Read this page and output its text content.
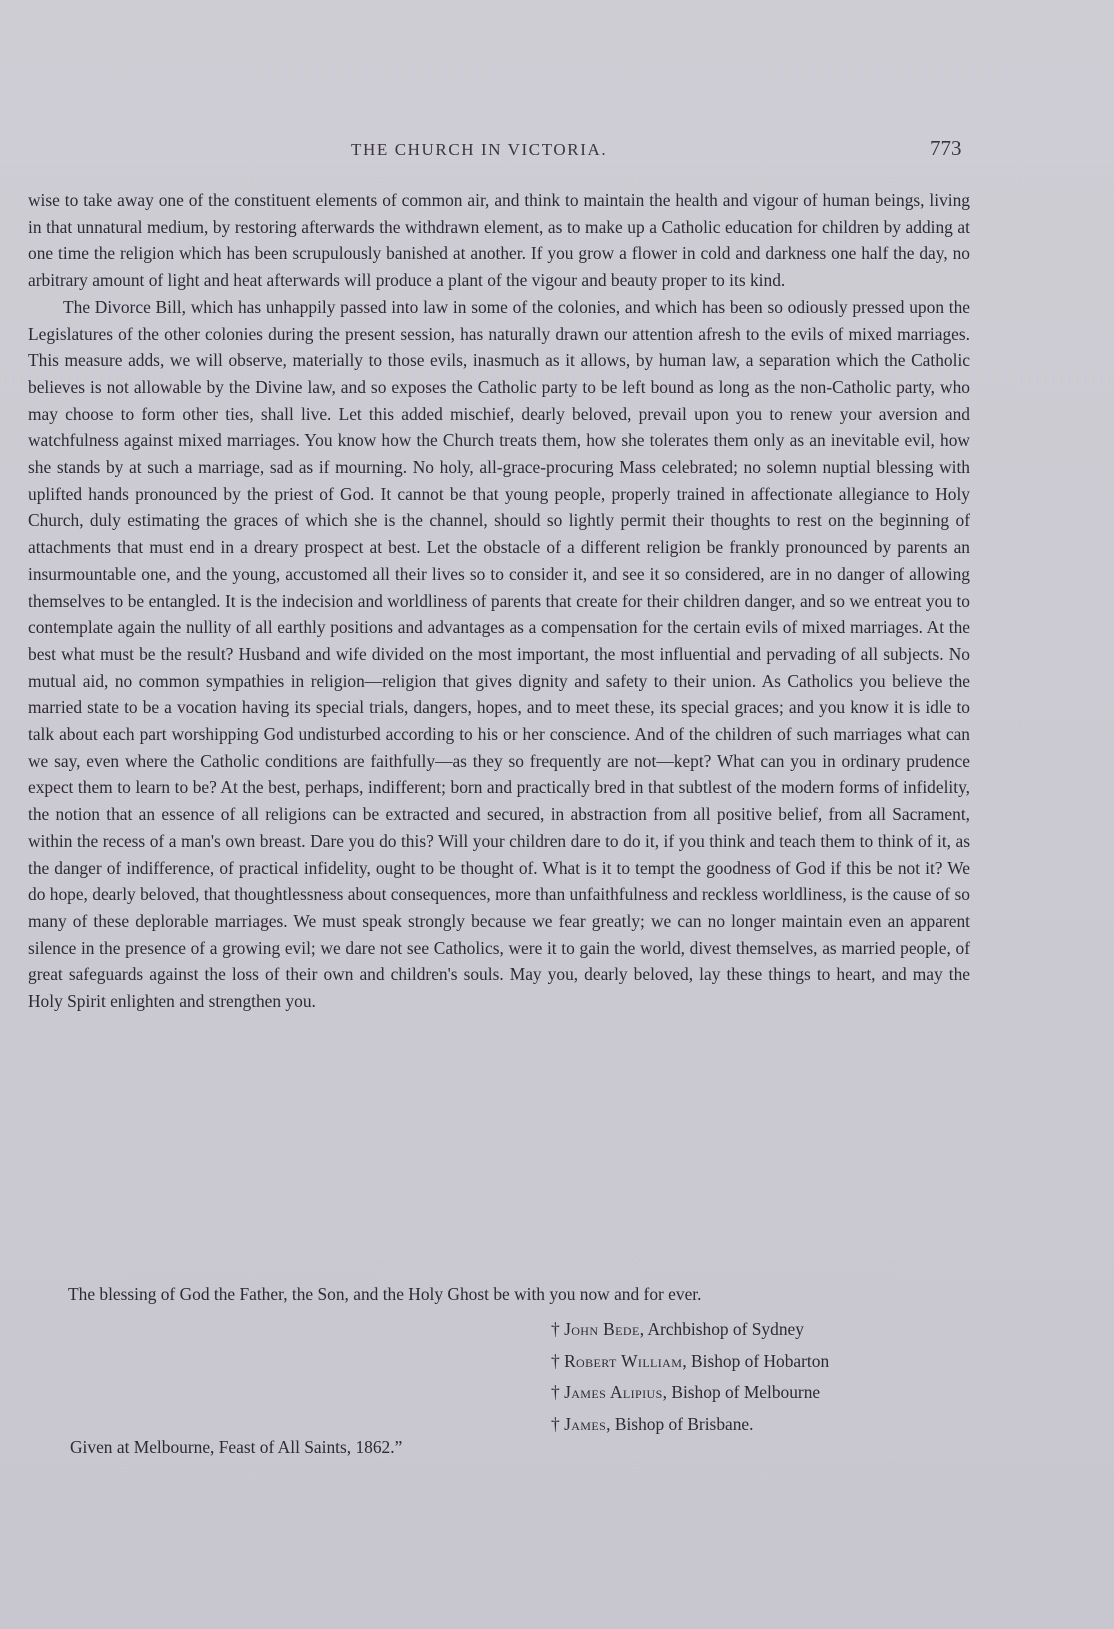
THE CHURCH IN VICTORIA.	773

wise to take away one of the constituent elements of common air, and think to maintain the health and vigour of human beings, living in that unnatural medium, by restoring afterwards the withdrawn element, as to make up a Catholic education for children by adding at one time the religion which has been scrupulously banished at another. If you grow a flower in cold and darkness one half the day, no arbitrary amount of light and heat afterwards will produce a plant of the vigour and beauty proper to its kind.

The Divorce Bill, which has unhappily passed into law in some of the colonies, and which has been so odiously pressed upon the Legislatures of the other colonies during the present session, has naturally drawn our attention afresh to the evils of mixed marriages. This measure adds, we will observe, materially to those evils, inasmuch as it allows, by human law, a separation which the Catholic believes is not allowable by the Divine law, and so exposes the Catholic party to be left bound as long as the non-Catholic party, who may choose to form other ties, shall live. Let this added mischief, dearly beloved, prevail upon you to renew your aversion and watchfulness against mixed marriages. You know how the Church treats them, how she tolerates them only as an inevitable evil, how she stands by at such a marriage, sad as if mourning. No holy, all-grace-procuring Mass celebrated; no solemn nuptial blessing with uplifted hands pronounced by the priest of God. It cannot be that young people, properly trained in affectionate allegiance to Holy Church, duly estimating the graces of which she is the channel, should so lightly permit their thoughts to rest on the beginning of attachments that must end in a dreary prospect at best. Let the obstacle of a different religion be frankly pronounced by parents an insurmountable one, and the young, accustomed all their lives so to consider it, and see it so considered, are in no danger of allowing themselves to be entangled. It is the indecision and worldliness of parents that create for their children danger, and so we entreat you to contemplate again the nullity of all earthly positions and advantages as a compensation for the certain evils of mixed marriages. At the best what must be the result? Husband and wife divided on the most important, the most influential and pervading of all subjects. No mutual aid, no common sympathies in religion—religion that gives dignity and safety to their union. As Catholics you believe the married state to be a vocation having its special trials, dangers, hopes, and to meet these, its special graces; and you know it is idle to talk about each part worshipping God undisturbed according to his or her conscience. And of the children of such marriages what can we say, even where the Catholic conditions are faithfully—as they so frequently are not—kept? What can you in ordinary prudence expect them to learn to be? At the best, perhaps, indifferent; born and practically bred in that subtlest of the modern forms of infidelity, the notion that an essence of all religions can be extracted and secured, in abstraction from all positive belief, from all Sacrament, within the recess of a man's own breast. Dare you do this? Will your children dare to do it, if you think and teach them to think of it, as the danger of indifference, of practical infidelity, ought to be thought of. What is it to tempt the goodness of God if this be not it? We do hope, dearly beloved, that thoughtlessness about consequences, more than unfaithfulness and reckless worldliness, is the cause of so many of these deplorable marriages. We must speak strongly because we fear greatly; we can no longer maintain even an apparent silence in the presence of a growing evil; we dare not see Catholics, were it to gain the world, divest themselves, as married people, of great safeguards against the loss of their own and children's souls. May you, dearly beloved, lay these things to heart, and may the Holy Spirit enlighten and strengthen you.

The blessing of God the Father, the Son, and the Holy Ghost be with you now and for ever.
† John Bede, Archbishop of Sydney
† Robert William, Bishop of Hobarton
† James Alipius, Bishop of Melbourne
† James, Bishop of Brisbane.
Given at Melbourne, Feast of All Saints, 1862.”
